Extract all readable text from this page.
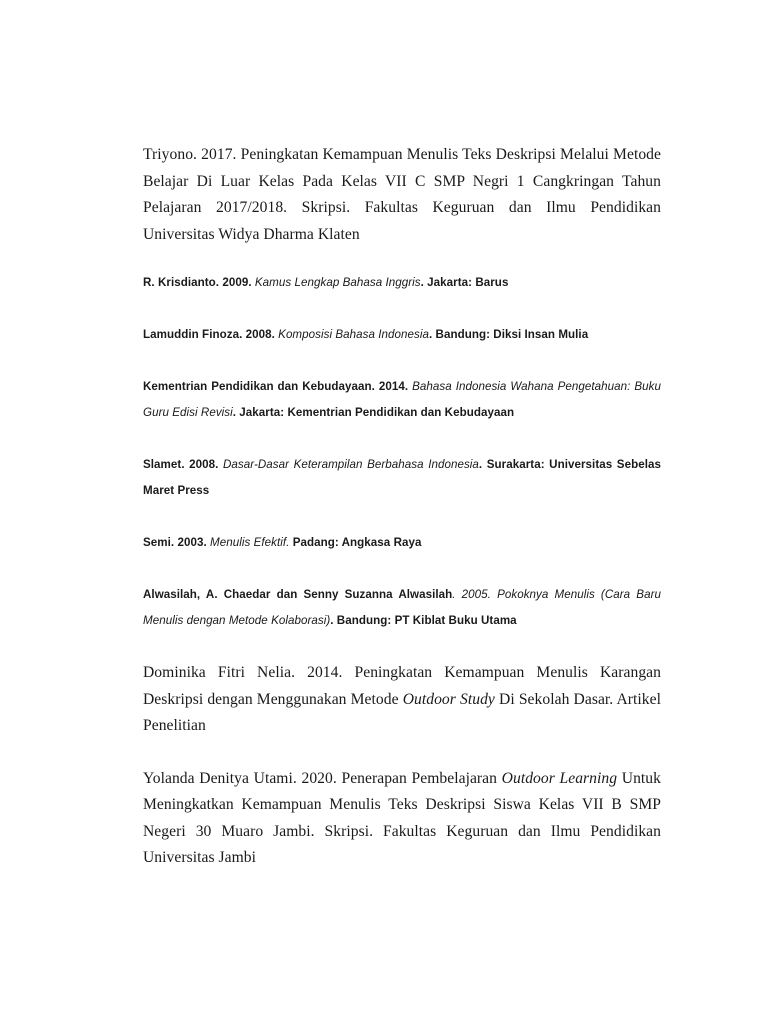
Triyono. 2017. Peningkatan Kemampuan Menulis Teks Deskripsi Melalui Metode Belajar Di Luar Kelas Pada Kelas VII C SMP Negri 1 Cangkringan Tahun Pelajaran 2017/2018. Skripsi. Fakultas Keguruan dan Ilmu Pendidikan Universitas Widya Dharma Klaten

R. Krisdianto. 2009. Kamus Lengkap Bahasa Inggris. Jakarta: Barus

Lamuddin Finoza. 2008. Komposisi Bahasa Indonesia. Bandung: Diksi Insan Mulia

Kementrian Pendidikan dan Kebudayaan. 2014. Bahasa Indonesia Wahana Pengetahuan: Buku Guru Edisi Revisi. Jakarta: Kementrian Pendidikan dan Kebudayaan

Slamet. 2008. Dasar-Dasar Keterampilan Berbahasa Indonesia. Surakarta: Universitas Sebelas Maret Press

Semi. 2003. Menulis Efektif. Padang: Angkasa Raya

Alwasilah, A. Chaedar dan Senny Suzanna Alwasilah. 2005. Pokoknya Menulis (Cara Baru Menulis dengan Metode Kolaborasi). Bandung: PT Kiblat Buku Utama

Dominika Fitri Nelia. 2014. Peningkatan Kemampuan Menulis Karangan Deskripsi dengan Menggunakan Metode Outdoor Study Di Sekolah Dasar. Artikel Penelitian

Yolanda Denitya Utami. 2020. Penerapan Pembelajaran Outdoor Learning Untuk Meningkatkan Kemampuan Menulis Teks Deskripsi Siswa Kelas VII B SMP Negeri 30 Muaro Jambi. Skripsi. Fakultas Keguruan dan Ilmu Pendidikan Universitas Jambi
